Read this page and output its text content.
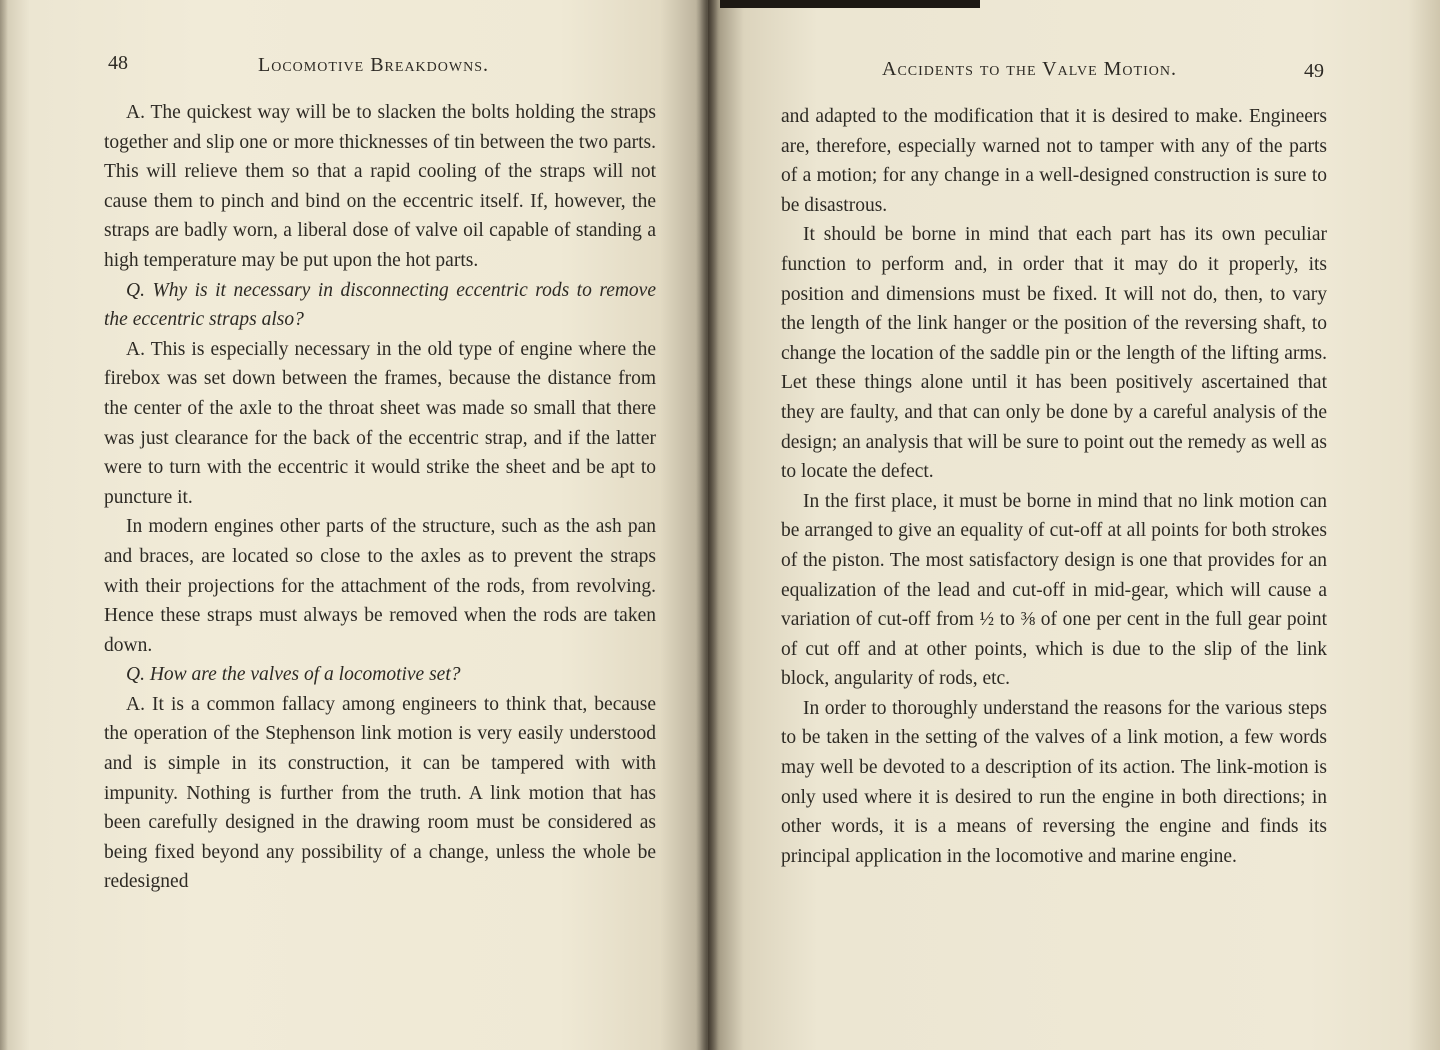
48	Locomotive Breakdowns.

A. The quickest way will be to slacken the bolts holding the straps together and slip one or more thicknesses of tin between the two parts. This will relieve them so that a rapid cooling of the straps will not cause them to pinch and bind on the eccentric itself. If, however, the straps are badly worn, a liberal dose of valve oil capable of standing a high temperature may be put upon the hot parts.

Q. Why is it necessary in disconnecting eccentric rods to remove the eccentric straps also?

A. This is especially necessary in the old type of engine where the firebox was set down between the frames, because the distance from the center of the axle to the throat sheet was made so small that there was just clearance for the back of the eccentric strap, and if the latter were to turn with the eccentric it would strike the sheet and be apt to puncture it.

In modern engines other parts of the structure, such as the ash pan and braces, are located so close to the axles as to prevent the straps with their projections for the attachment of the rods, from revolving. Hence these straps must always be removed when the rods are taken down.

Q. How are the valves of a locomotive set?

A. It is a common fallacy among engineers to think that, because the operation of the Stephenson link motion is very easily understood and is simple in its construction, it can be tampered with with impunity. Nothing is further from the truth. A link motion that has been carefully designed in the drawing room must be considered as being fixed beyond any possibility of a change, unless the whole be redesigned

Accidents to the Valve Motion.	49

and adapted to the modification that it is desired to make. Engineers are, therefore, especially warned not to tamper with any of the parts of a motion; for any change in a well-designed construction is sure to be disastrous.

It should be borne in mind that each part has its own peculiar function to perform and, in order that it may do it properly, its position and dimensions must be fixed. It will not do, then, to vary the length of the link hanger or the position of the reversing shaft, to change the location of the saddle pin or the length of the lifting arms. Let these things alone until it has been positively ascertained that they are faulty, and that can only be done by a careful analysis of the design; an analysis that will be sure to point out the remedy as well as to locate the defect.

In the first place, it must be borne in mind that no link motion can be arranged to give an equality of cut-off at all points for both strokes of the piston. The most satisfactory design is one that provides for an equalization of the lead and cut-off in mid-gear, which will cause a variation of cut-off from ½ to ⅜ of one per cent in the full gear point of cut off and at other points, which is due to the slip of the link block, angularity of rods, etc.

In order to thoroughly understand the reasons for the various steps to be taken in the setting of the valves of a link motion, a few words may well be devoted to a description of its action. The link-motion is only used where it is desired to run the engine in both directions; in other words, it is a means of reversing the engine and finds its principal application in the locomotive and marine engine.
